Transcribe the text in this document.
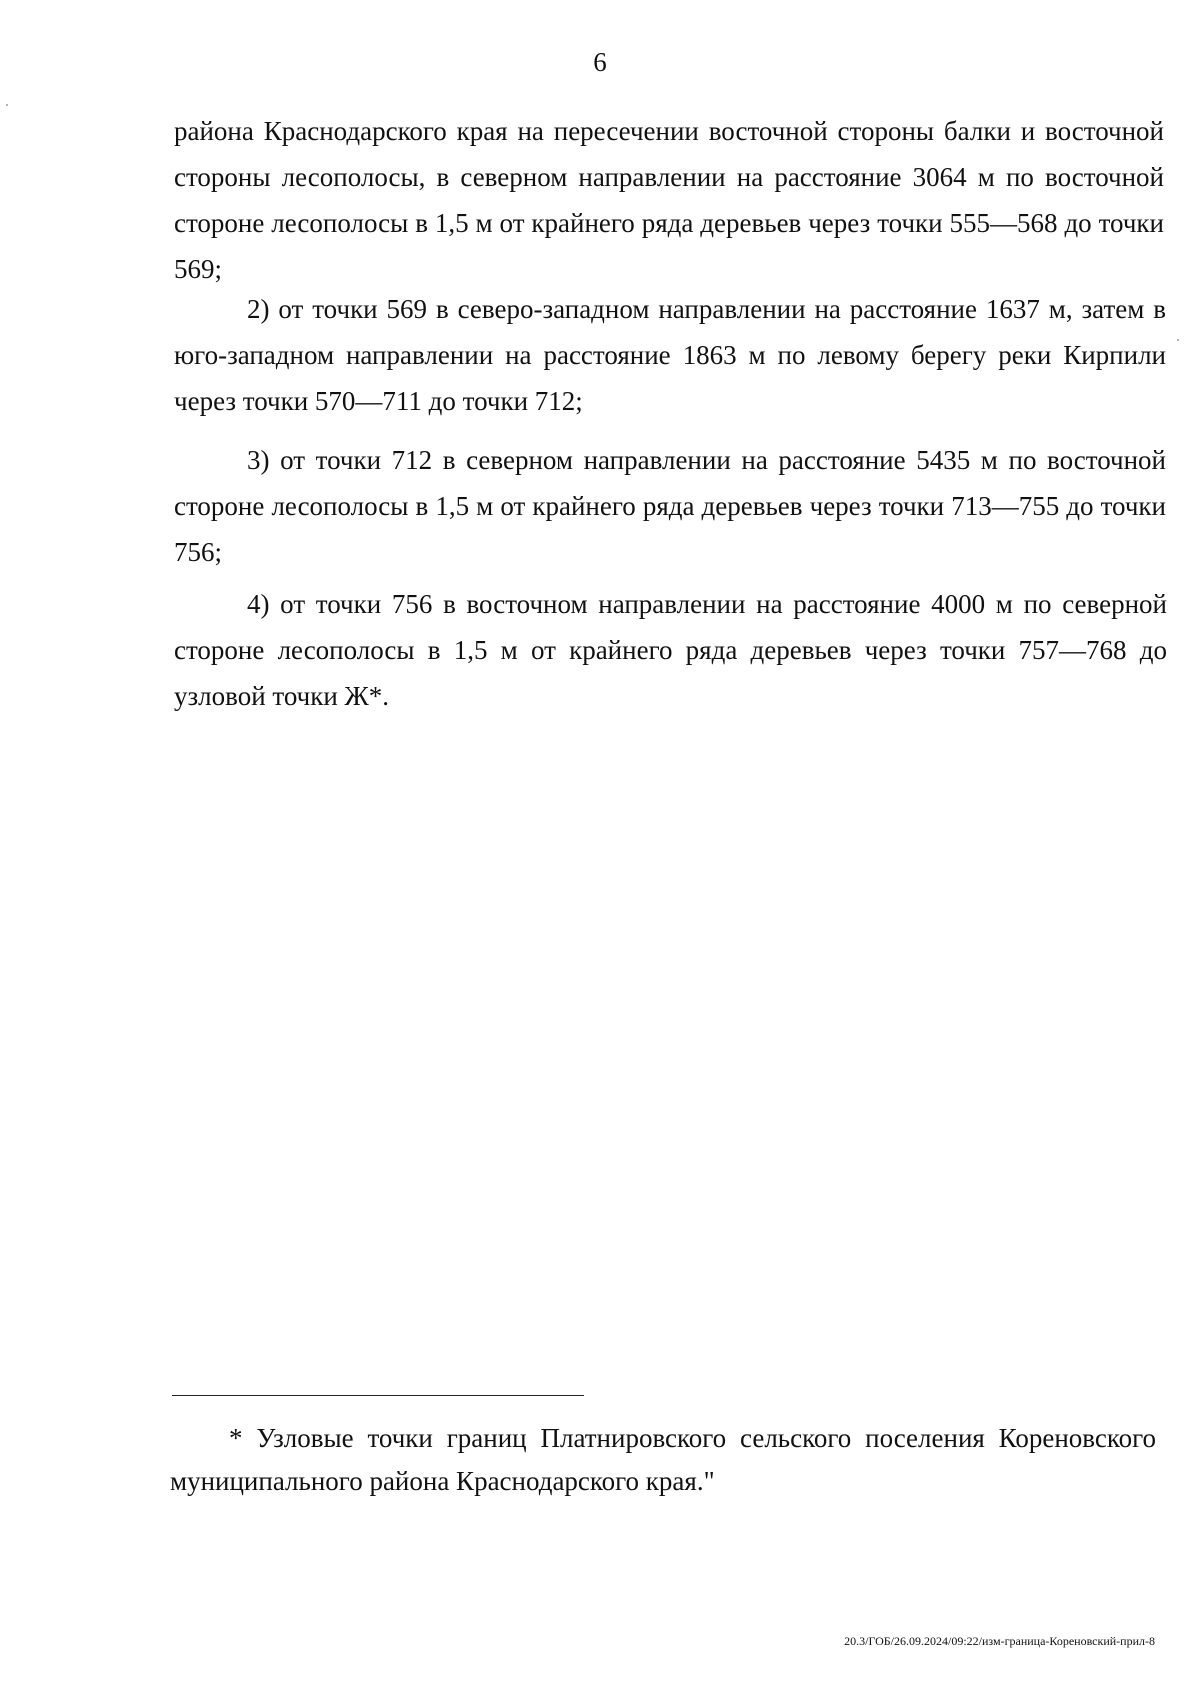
6
района Краснодарского края на пересечении восточной стороны балки и восточной стороны лесополосы, в северном направлении на расстояние 3064 м по восточной стороне лесополосы в 1,5 м от крайнего ряда деревьев через точки 555—568 до точки 569;
2) от точки 569 в северо-западном направлении на расстояние 1637 м, затем в юго-западном направлении на расстояние 1863 м по левому берегу реки Кирпили через точки 570—711 до точки 712;
3) от точки 712 в северном направлении на расстояние 5435 м по восточной стороне лесополосы в 1,5 м от крайнего ряда деревьев через точки 713—755 до точки 756;
4) от точки 756 в восточном направлении на расстояние 4000 м по северной стороне лесополосы в 1,5 м от крайнего ряда деревьев через точки 757—768 до узловой точки Ж*.
* Узловые точки границ Платнировского сельского поселения Кореновского муниципального района Краснодарского края."
20.3/ГОБ/26.09.2024/09:22/изм-граница-Кореновский-прил-8
